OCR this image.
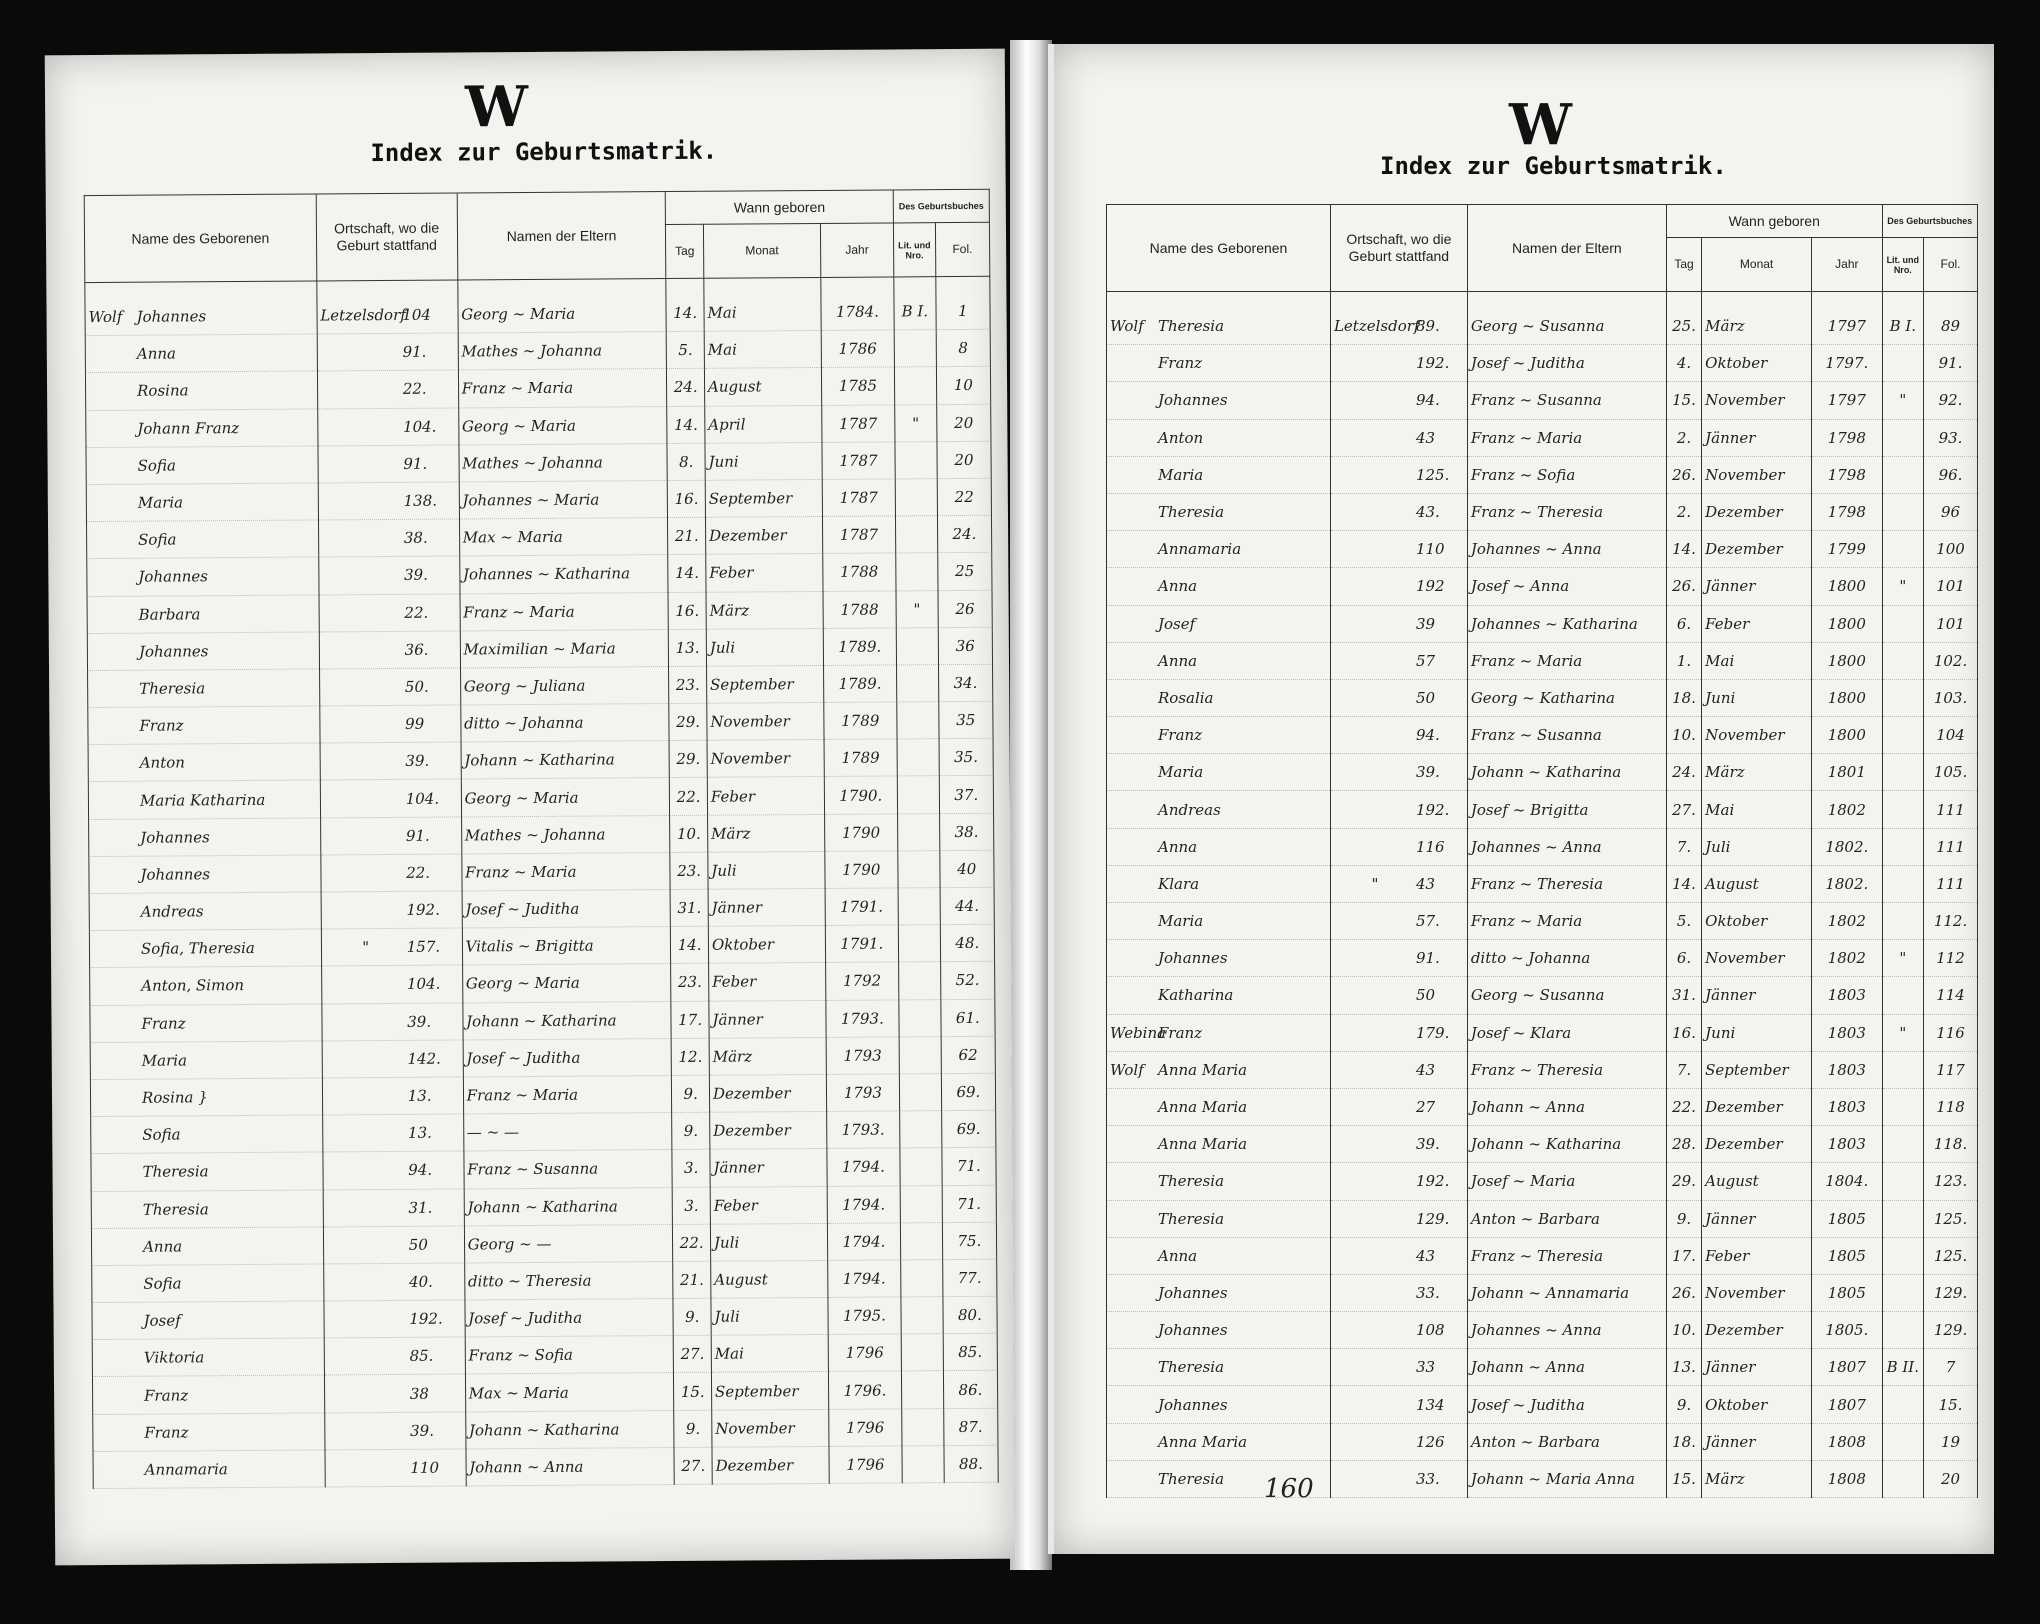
W
Index zur Geburtsmatrik.
Name des Geborenen	Ortschaft, wo die Geburt stattfand	Namen der Eltern	Wann geboren			Des Geburtsbuches	
			Tag	Monat	Jahr	Lit. und Nro.	Fol.

Wolf Johannes	Letzelsdorf104	Georg ~ Maria	14.	Mai	1784.	B I.	1
Anna	91.	Mathes ~ Johanna	5.	Mai	1786		8
Rosina	22.	Franz ~ Maria	24.	August	1785		10
Johann Franz	104.	Georg ~ Maria	14.	April	1787	"	20
Sofia	91.	Mathes ~ Johanna	8.	Juni	1787		20
Maria	138.	Johannes ~ Maria	16.	September	1787		22
Sofia	38.	Max ~ Maria	21.	Dezember	1787		24.
Johannes	39.	Johannes ~ Katharina	14.	Feber	1788		25
Barbara	22.	Franz ~ Maria	16.	März	1788	"	26
Johannes	36.	Maximilian ~ Maria	13.	Juli	1789.		36
Theresia	50.	Georg ~ Juliana	23.	September	1789.		34.
Franz	99	ditto ~ Johanna	29.	November	1789		35
Anton	39.	Johann ~ Katharina	29.	November	1789		35.
Maria Katharina	104.	Georg ~ Maria	22.	Feber	1790.		37.
Johannes	91.	Mathes ~ Johanna	10.	März	1790		38.
Johannes	22.	Franz ~ Maria	23.	Juli	1790		40
Andreas	192.	Josef ~ Juditha	31.	Jänner	1791.		44.
Sofia, Theresia	" 157.	Vitalis ~ Brigitta	14.	Oktober	1791.		48.
Anton, Simon	104.	Georg ~ Maria	23.	Feber	1792		52.
Franz	39.	Johann ~ Katharina	17.	Jänner	1793.		61.
Maria	142.	Josef ~ Juditha	12.	März	1793		62
Rosina }	13.	Franz ~ Maria	9.	Dezember	1793		69.
Sofia	13.	— ~ —	9.	Dezember	1793.		69.
Theresia	94.	Franz ~ Susanna	3.	Jänner	1794.		71.
Theresia	31.	Johann ~ Katharina	3.	Feber	1794.		71.
Anna	50	Georg ~ —	22.	Juli	1794.		75.
Sofia	40.	ditto ~ Theresia	21.	August	1794.		77.
Josef	192.	Josef ~ Juditha	9.	Juli	1795.		80.
Viktoria	85.	Franz ~ Sofia	27.	Mai	1796		85.
Franz	38	Max ~ Maria	15.	September	1796.		86.
Franz	39.	Johann ~ Katharina	9.	November	1796		87.
Annamaria	110	Johann ~ Anna	27.	Dezember	1796		88.
W
Index zur Geburtsmatrik.
Name des Geborenen	Ortschaft, wo die Geburt stattfand	Namen der Eltern	Wann geboren			Des Geburtsbuches	
			Tag	Monat	Jahr	Lit. und Nro.	Fol.

Wolf Theresia	Letzelsdorf89.	Georg ~ Susanna	25.	März	1797	B I.	89
Franz	192.	Josef ~ Juditha	4.	Oktober	1797.		91.
Johannes	94.	Franz ~ Susanna	15.	November	1797	"	92.
Anton	43	Franz ~ Maria	2.	Jänner	1798		93.
Maria	125.	Franz ~ Sofia	26.	November	1798		96.
Theresia	43.	Franz ~ Theresia	2.	Dezember	1798		96
Annamaria	110	Johannes ~ Anna	14.	Dezember	1799		100
Anna	192	Josef ~ Anna	26.	Jänner	1800	"	101
Josef	39	Johannes ~ Katharina	6.	Feber	1800		101
Anna	57	Franz ~ Maria	1.	Mai	1800		102.
Rosalia	50	Georg ~ Katharina	18.	Juni	1800		103.
Franz	94.	Franz ~ Susanna	10.	November	1800		104
Maria	39.	Johann ~ Katharina	24.	März	1801		105.
Andreas	192.	Josef ~ Brigitta	27.	Mai	1802		111
Anna	116	Johannes ~ Anna	7.	Juli	1802.		111
Klara	" 43	Franz ~ Theresia	14.	August	1802.		111
Maria	57.	Franz ~ Maria	5.	Oktober	1802		112.
Johannes	91.	ditto ~ Johanna	6.	November	1802	"	112
Katharina	50	Georg ~ Susanna	31.	Jänner	1803		114
WebinaFranz	179.	Josef ~ Klara	16.	Juni	1803	"	116
Wolf Anna Maria	43	Franz ~ Theresia	7.	September	1803		117
Anna Maria	27	Johann ~ Anna	22.	Dezember	1803		118
Anna Maria	39.	Johann ~ Katharina	28.	Dezember	1803		118.
Theresia	192.	Josef ~ Maria	29.	August	1804.		123.
Theresia	129.	Anton ~ Barbara	9.	Jänner	1805		125.
Anna	43	Franz ~ Theresia	17.	Feber	1805		125.
Johannes	33.	Johann ~ Annamaria	26.	November	1805		129.
Johannes	108	Johannes ~ Anna	10.	Dezember	1805.		129.
Theresia	33	Johann ~ Anna	13.	Jänner	1807	B II.	7
Johannes	134	Josef ~ Juditha	9.	Oktober	1807		15.
Anna Maria	126	Anton ~ Barbara	18.	Jänner	1808		19
Theresia	33.	Johann ~ Maria Anna	15.	März	1808		20
160
